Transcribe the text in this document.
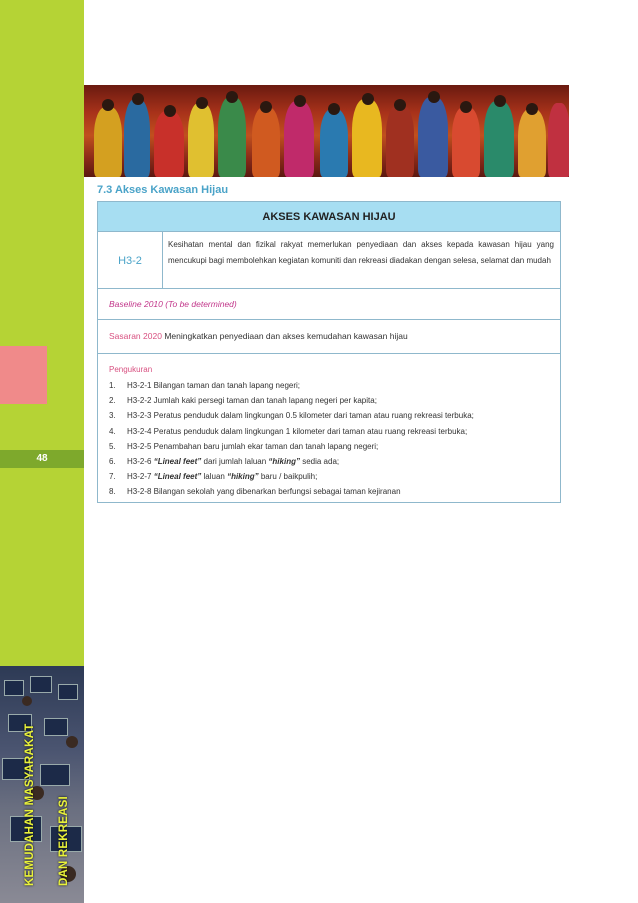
48
KEMUDAHAN MASYARAKAT DAN REKREASI
7.3 Akses Kawasan Hijau
AKSES KAWASAN HIJAU
H3-2
Kesihatan mental dan fizikal rakyat memerlukan penyediaan dan akses kepada kawasan hijau yang mencukupi bagi membolehkan kegiatan komuniti dan rekreasi diadakan dengan selesa, selamat dan mudah
Baseline 2010 (To be determined)
Sasaran 2020 Meningkatkan penyediaan dan akses kemudahan kawasan hijau
Pengukuran
1. H3-2-1 Bilangan taman dan tanah lapang negeri;
2. H3-2-2 Jumlah kaki persegi taman dan tanah lapang negeri per kapita;
3. H3-2-3 Peratus penduduk dalam lingkungan 0.5 kilometer dari taman atau ruang rekreasi terbuka;
4. H3-2-4 Peratus penduduk dalam lingkungan 1 kilometer dari taman atau ruang rekreasi terbuka;
5. H3-2-5 Penambahan baru jumlah ekar taman dan tanah lapang negeri;
6. H3-2-6 “Lineal feet” dari jumlah laluan “hiking” sedia ada;
7. H3-2-7 “Lineal feet” laluan “hiking” baru / baikpulih;
8. H3-2-8 Bilangan sekolah yang dibenarkan berfungsi sebagai taman kejiranan
